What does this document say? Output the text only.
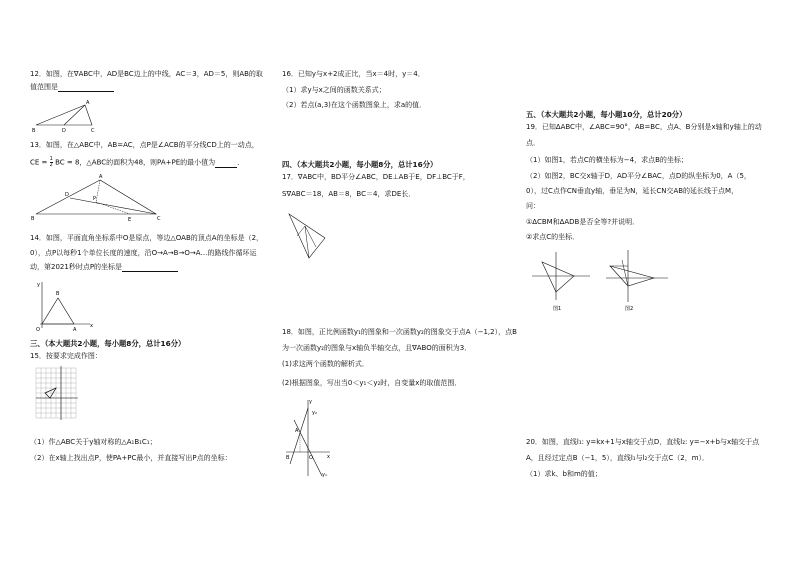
12．如图，在∇ABC中，AD是BC边上的中线，AC＝3，AD＝5，则AB的取
值范围是
A
B	D	C
13．如图，在△ABC中，AB=AC，点P是∠ACB的平分线CD上的一动点，
CE = $\frac{1}{2}$ BC = 8，△ABC的面积为48，则PA+PE的最小值为	．
A
B	C
D
E
P
14．如图，平面直角坐标系中O是原点，等边△OAB的顶点A的坐标是（2，
0），点P以每秒1个单位长度的速度，沿O→A→B→O→A…的路线作循环运
动，第2021秒时点P的坐标是
y
B
O	A
x
三、（本大题共2小题，每小题8分，总计16分）
15．按要求完成作图：
（1）作△ABC关于y轴对称的△A₁B₁C₁；
（2）在x轴上找出点P，使PA+PC最小，并直接写出P点的坐标：
16．已知y与x+2成正比，当x＝4时，y＝4．
（1）求y与x之间的函数关系式；
（2）若点(a,3)在这个函数图象上，求a的值．
四、（本大题共2小题，每小题8分，总计16分）
17．∇ABC中，BD平分∠ABC，DE⊥AB于E，DF⊥BC于F，
S∇ABC＝18，AB＝8，BC＝4，求DE长．
18．如图，正比例函数y₁的图象和一次函数y₂的图象交于点A（−1,2），点B
为一次函数y₂的图象与x轴负半轴交点，且∇ABO的面积为3．
(1)求这两个函数的解析式．
(2)根据图象，写出当0＜y₁＜y₂时，自变量x的取值范围．
y
y₂
A
B	O	x
y₁
五、（本大题共2小题，每小题10分，总计20分）
19．已知∆ABC中，∠ABC=90°，AB=BC，点A、B分别是x轴和y轴上的动
点．
（1）如图1，若点C的横坐标为−4，求点B的坐标；
（2）如图2，BC交x轴于D，AD平分∠BAC，点D的纵坐标为0，A（5，
0），过C点作CN垂直y轴，垂足为N，延长CN交AB的延长线于点M，
问：
①∆CBM和∆ADB是否全等?并说明．
②求点C的坐标．
图1	图2
20．如图，直线l₁: y=kx+1与x轴交于点D，直线l₂: y=−x+b与x轴交于点
A，且经过定点B（−1，5），直线l₁与l₂交于点C（2，m）．
（1）求k、b和m的值；
